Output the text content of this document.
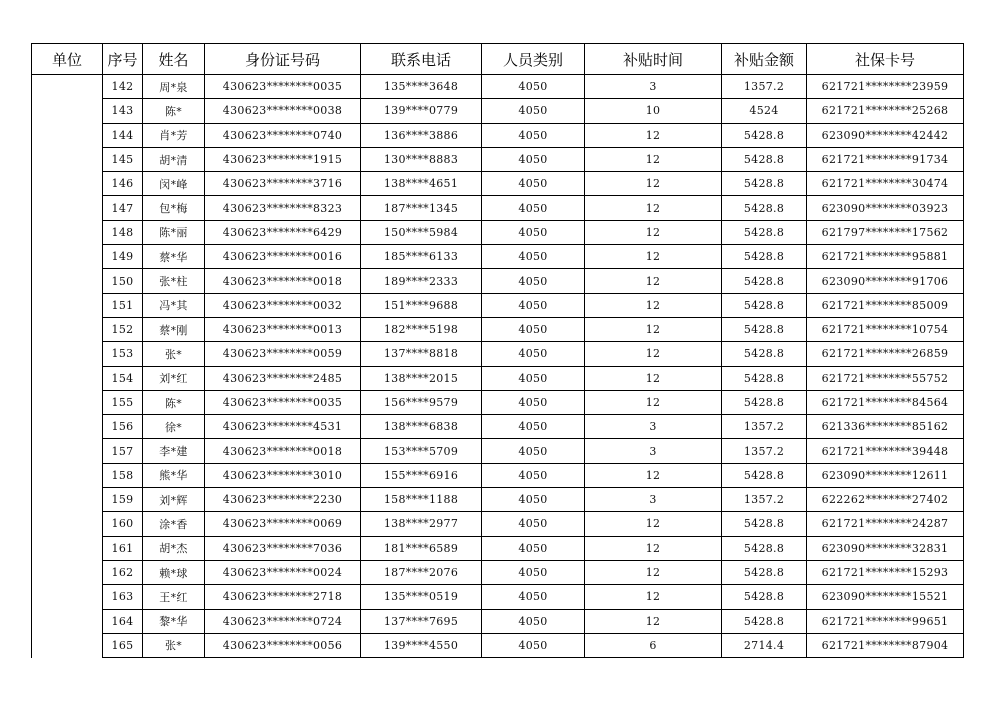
单位	序号	姓名	身份证号码	联系电话	人员类别	补贴时间	补贴金额	社保卡号
	142	周*泉	430623********0035	135****3648	4050	3	1357.2	621721********23959
	143	陈*	430623********0038	139****0779	4050	10	4524	621721********25268
	144	肖*芳	430623********0740	136****3886	4050	12	5428.8	623090********42442
	145	胡*清	430623********1915	130****8883	4050	12	5428.8	621721********91734
	146	闵*峰	430623********3716	138****4651	4050	12	5428.8	621721********30474
	147	包*梅	430623********8323	187****1345	4050	12	5428.8	623090********03923
	148	陈*丽	430623********6429	150****5984	4050	12	5428.8	621797********17562
	149	蔡*华	430623********0016	185****6133	4050	12	5428.8	621721********95881
	150	张*柱	430623********0018	189****2333	4050	12	5428.8	623090********91706
	151	冯*其	430623********0032	151****9688	4050	12	5428.8	621721********85009
	152	蔡*刚	430623********0013	182****5198	4050	12	5428.8	621721********10754
	153	张*	430623********0059	137****8818	4050	12	5428.8	621721********26859
	154	刘*红	430623********2485	138****2015	4050	12	5428.8	621721********55752
	155	陈*	430623********0035	156****9579	4050	12	5428.8	621721********84564
	156	徐*	430623********4531	138****6838	4050	3	1357.2	621336********85162
	157	李*建	430623********0018	153****5709	4050	3	1357.2	621721********39448
	158	熊*华	430623********3010	155****6916	4050	12	5428.8	623090********12611
	159	刘*辉	430623********2230	158****1188	4050	3	1357.2	622262********27402
	160	涂*香	430623********0069	138****2977	4050	12	5428.8	621721********24287
	161	胡*杰	430623********7036	181****6589	4050	12	5428.8	623090********32831
	162	赖*球	430623********0024	187****2076	4050	12	5428.8	621721********15293
	163	王*红	430623********2718	135****0519	4050	12	5428.8	623090********15521
	164	黎*华	430623********0724	137****7695	4050	12	5428.8	621721********99651
	165	张*	430623********0056	139****4550	4050	6	2714.4	621721********87904
